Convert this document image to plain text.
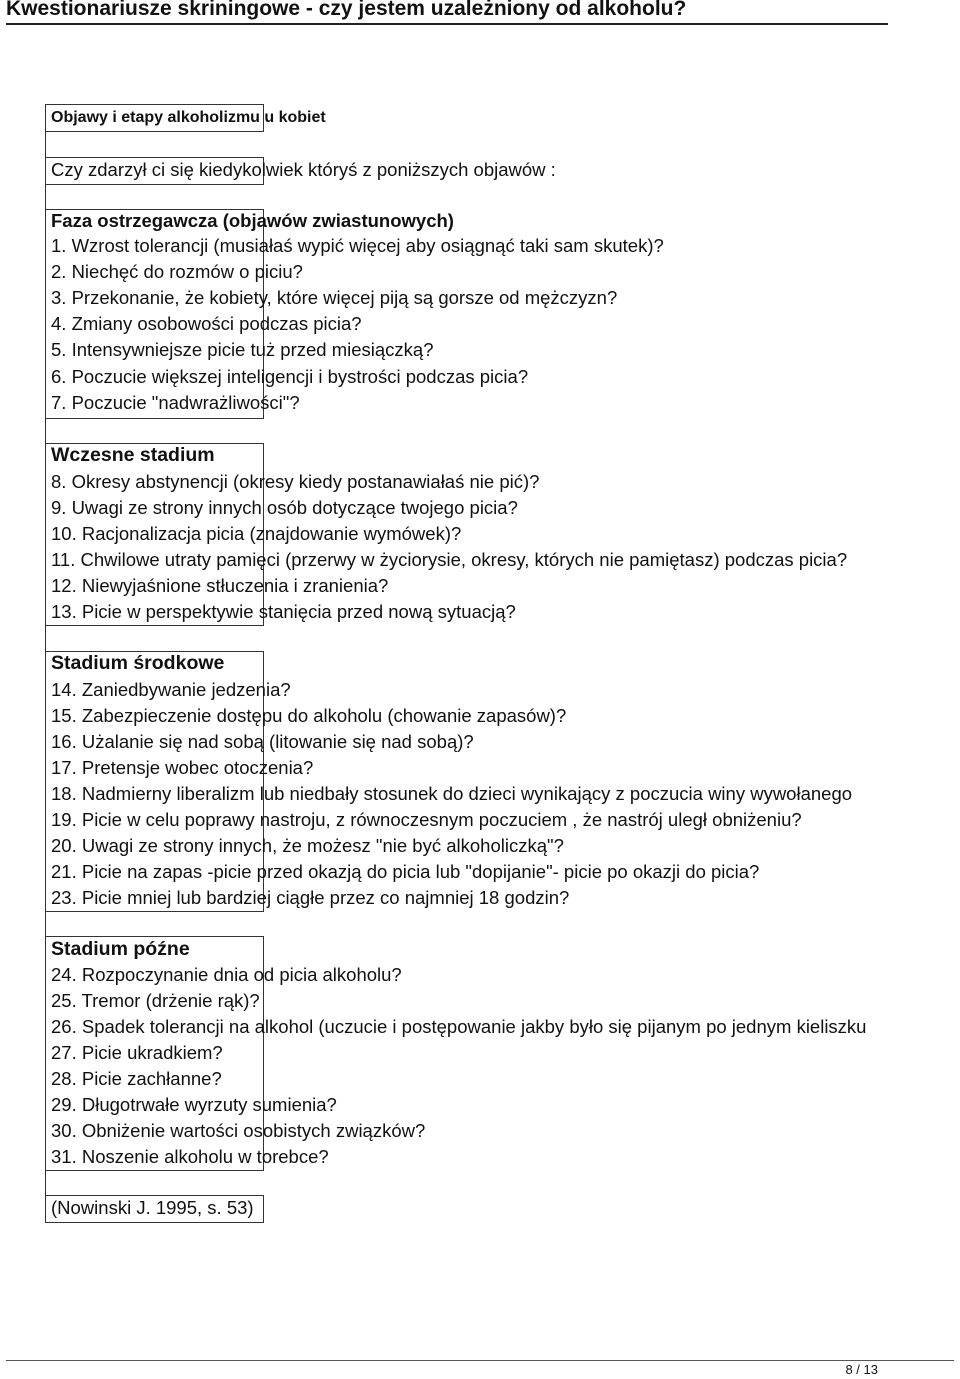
Kwestionariusze skriningowe - czy jestem uzależniony od alkoholu?
Objawy i etapy alkoholizmu u kobiet
Czy zdarzył ci się kiedykolwiek któryś z poniższych objawów :
Faza ostrzegawcza (objawów zwiastunowych)
1. Wzrost tolerancji (musiałaś wypić więcej aby osiągnąć taki sam skutek)?
2. Niechęć do rozmów o piciu?
3. Przekonanie, że kobiety, które więcej piją są gorsze od mężczyzn?
4. Zmiany osobowości podczas picia?
5. Intensywniejsze picie tuż przed miesiączką?
6. Poczucie większej inteligencji i bystrości podczas picia?
7. Poczucie "nadwrażliwości"?
Wczesne stadium
8. Okresy abstynencji (okresy kiedy postanawiałaś nie pić)?
9. Uwagi ze strony innych osób dotyczące twojego picia?
10. Racjonalizacja picia (znajdowanie wymówek)?
11. Chwilowe utraty pamięci (przerwy w życiorysie, okresy, których nie pamiętasz) podczas picia?
12. Niewyjaśnione stłuczenia i zranienia?
13. Picie w perspektywie stanięcia przed nową sytuacją?
Stadium środkowe
14. Zaniedbywanie jedzenia?
15. Zabezpieczenie dostępu do alkoholu (chowanie zapasów)?
16. Użalanie się nad sobą (litowanie się nad sobą)?
17. Pretensje wobec otoczenia?
18. Nadmierny liberalizm lub niedbały stosunek do dzieci wynikający z poczucia winy wywołanego
19. Picie w celu poprawy nastroju, z równoczesnym poczuciem , że nastrój uległ obniżeniu?
20. Uwagi ze strony innych, że możesz "nie być alkoholiczką"?
21. Picie na zapas -picie przed okazją do picia lub "dopijanie"- picie po okazji do picia?
23. Picie mniej lub bardziej ciągłe przez co najmniej 18 godzin?
Stadium późne
24. Rozpoczynanie dnia od picia alkoholu?
25. Tremor (drżenie rąk)?
26. Spadek tolerancji na alkohol (uczucie i postępowanie jakby było się pijanym po jednym kieliszku
27. Picie ukradkiem?
28. Picie zachłanne?
29. Długotrwałe wyrzuty sumienia?
30. Obniżenie wartości osobistych związków?
31. Noszenie alkoholu w torebce?
(Nowinski J. 1995, s. 53)
8 / 13
